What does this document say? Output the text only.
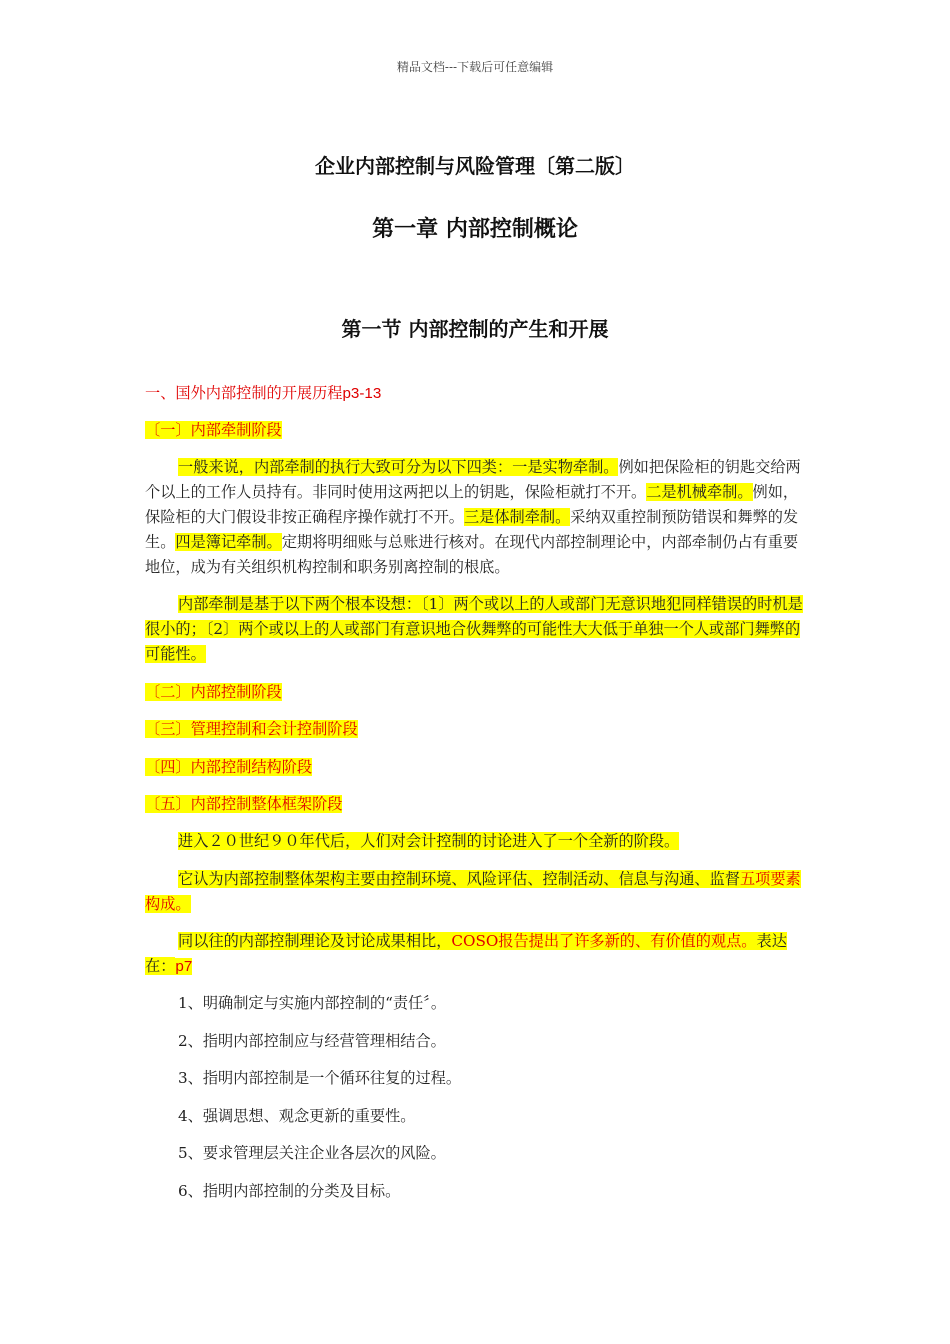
精品文档---下载后可任意编辑
企业内部控制与风险管理〔第二版〕
第一章 内部控制概论
第一节 内部控制的产生和开展
一、国外内部控制的开展历程p3-13
〔一〕内部牵制阶段
一般来说，内部牵制的执行大致可分为以下四类：一是实物牵制。例如把保险柜的钥匙交给两个以上的工作人员持有。非同时使用这两把以上的钥匙，保险柜就打不开。二是机械牵制。例如，保险柜的大门假设非按正确程序操作就打不开。三是体制牵制。采纳双重控制预防错误和舞弊的发生。四是簿记牵制。定期将明细账与总账进行核对。在现代内部控制理论中，内部牵制仍占有重要地位，成为有关组织机构控制和职务别离控制的根底。
内部牵制是基于以下两个根本设想：〔1〕两个或以上的人或部门无意识地犯同样错误的时机是很小的；〔2〕两个或以上的人或部门有意识地合伙舞弊的可能性大大低于单独一个人或部门舞弊的可能性。
〔二〕内部控制阶段
〔三〕管理控制和会计控制阶段
〔四〕内部控制结构阶段
〔五〕内部控制整体框架阶段
进入２０世纪９０年代后，人们对会计控制的讨论进入了一个全新的阶段。
它认为内部控制整体架构主要由控制环境、风险评估、控制活动、信息与沟通、监督五项要素构成。
同以往的内部控制理论及讨论成果相比，COSO报告提出了许多新的、有价值的观点。表达在：p7
1、明确制定与实施内部控制的“责任〞。
2、指明内部控制应与经营管理相结合。
3、指明内部控制是一个循环往复的过程。
4、强调思想、观念更新的重要性。
5、要求管理层关注企业各层次的风险。
6、指明内部控制的分类及目标。
